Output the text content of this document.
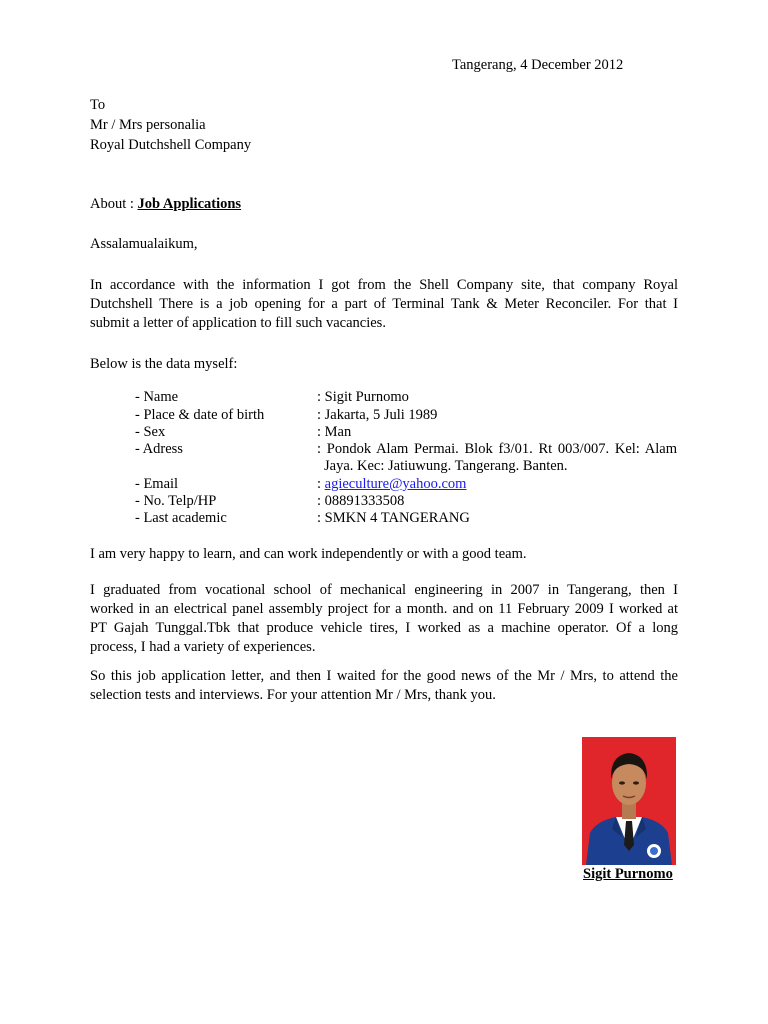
Tangerang, 4 December 2012
To
Mr / Mrs personalia
Royal Dutchshell Company
About : Job Applications
Assalamualaikum,
In accordance with the information I got from the Shell Company site, that company Royal
Dutchshell There is a job opening for a part of Terminal Tank & Meter Reconciler. For that I
submit a letter of application to fill such vacancies.
Below is the data myself:
- Name	: Sigit Purnomo
- Place & date of birth	: Jakarta, 5 Juli 1989
- Sex	: Man
- Adress	: Pondok Alam Permai. Blok f3/01. Rt 003/007. Kel: Alam
Jaya. Kec: Jatiuwung. Tangerang. Banten.
- Email	: agieculture@yahoo.com
- No. Telp/HP	: 08891333508
- Last academic	: SMKN 4 TANGERANG
I am very happy to learn, and can work independently or with a good team.
I graduated from vocational school of mechanical engineering in 2007 in Tangerang, then I
worked in an electrical panel assembly project for a month. and on 11 February 2009 I worked at
PT Gajah Tunggal.Tbk that produce vehicle tires, I worked as a machine operator. Of a long
process, I had a variety of experiences.
So this job application letter, and then I waited for the good news of the Mr / Mrs, to attend the
selection tests and interviews. For your attention Mr / Mrs, thank you.
Sigit Purnomo
